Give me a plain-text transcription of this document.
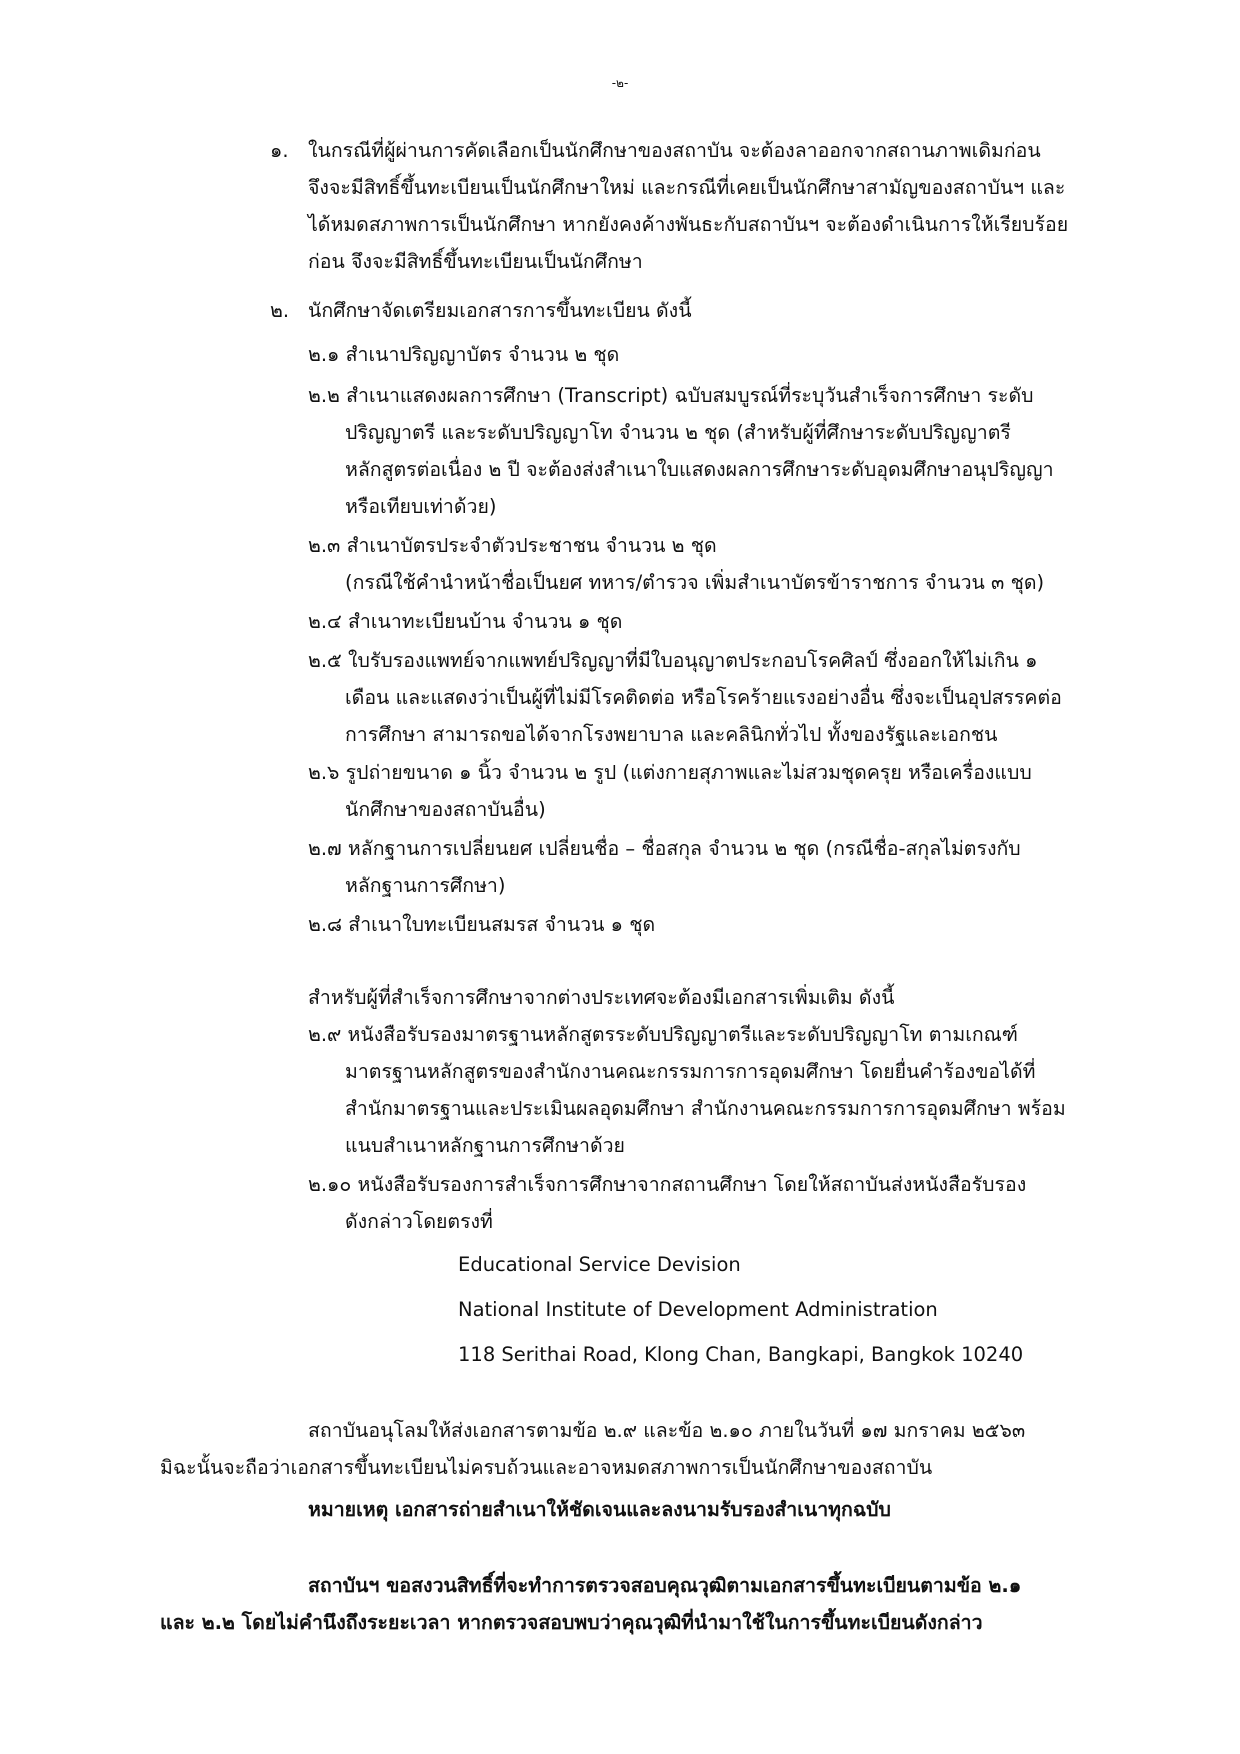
-๒-
๑. ในกรณีที่ผู้ผ่านการคัดเลือกเป็นนักศึกษาของสถาบัน จะต้องลาออกจากสถานภาพเดิมก่อน
จึงจะมีสิทธิ์ขึ้นทะเบียนเป็นนักศึกษาใหม่ และกรณีที่เคยเป็นนักศึกษาสามัญของสถาบันฯ และ
ได้หมดสภาพการเป็นนักศึกษา หากยังคงค้างพันธะกับสถาบันฯ จะต้องดำเนินการให้เรียบร้อย
ก่อน จึงจะมีสิทธิ์ขึ้นทะเบียนเป็นนักศึกษา
๒. นักศึกษาจัดเตรียมเอกสารการขึ้นทะเบียน ดังนี้
๒.๑ สำเนาปริญญาบัตร จำนวน ๒ ชุด
๒.๒ สำเนาแสดงผลการศึกษา (Transcript) ฉบับสมบูรณ์ที่ระบุวันสำเร็จการศึกษา ระดับ
ปริญญาตรี และระดับปริญญาโท จำนวน ๒ ชุด (สำหรับผู้ที่ศึกษาระดับปริญญาตรี
หลักสูตรต่อเนื่อง ๒ ปี จะต้องส่งสำเนาใบแสดงผลการศึกษาระดับอุดมศึกษาอนุปริญญา
หรือเทียบเท่าด้วย)
๒.๓ สำเนาบัตรประจำตัวประชาชน จำนวน ๒ ชุด
(กรณีใช้คำนำหน้าชื่อเป็นยศ ทหาร/ตำรวจ เพิ่มสำเนาบัตรข้าราชการ จำนวน ๓ ชุด)
๒.๔ สำเนาทะเบียนบ้าน จำนวน ๑ ชุด
๒.๕ ใบรับรองแพทย์จากแพทย์ปริญญาที่มีใบอนุญาตประกอบโรคศิลป์ ซึ่งออกให้ไม่เกิน ๑
เดือน และแสดงว่าเป็นผู้ที่ไม่มีโรคติดต่อ หรือโรคร้ายแรงอย่างอื่น ซึ่งจะเป็นอุปสรรคต่อ
การศึกษา สามารถขอได้จากโรงพยาบาล และคลินิกทั่วไป ทั้งของรัฐและเอกชน
๒.๖ รูปถ่ายขนาด ๑ นิ้ว จำนวน ๒ รูป (แต่งกายสุภาพและไม่สวมชุดครุย หรือเครื่องแบบ
นักศึกษาของสถาบันอื่น)
๒.๗ หลักฐานการเปลี่ยนยศ เปลี่ยนชื่อ – ชื่อสกุล จำนวน ๒ ชุด (กรณีชื่อ-สกุลไม่ตรงกับ
หลักฐานการศึกษา)
๒.๘ สำเนาใบทะเบียนสมรส จำนวน ๑ ชุด
สำหรับผู้ที่สำเร็จการศึกษาจากต่างประเทศจะต้องมีเอกสารเพิ่มเติม ดังนี้
๒.๙ หนังสือรับรองมาตรฐานหลักสูตรระดับปริญญาตรีและระดับปริญญาโท ตามเกณฑ์
มาตรฐานหลักสูตรของสำนักงานคณะกรรมการการอุดมศึกษา โดยยื่นคำร้องขอได้ที่
สำนักมาตรฐานและประเมินผลอุดมศึกษา สำนักงานคณะกรรมการการอุดมศึกษา พร้อม
แนบสำเนาหลักฐานการศึกษาด้วย
๒.๑๐ หนังสือรับรองการสำเร็จการศึกษาจากสถานศึกษา โดยให้สถาบันส่งหนังสือรับรอง
ดังกล่าวโดยตรงที่
Educational Service Devision
National Institute of Development Administration
118 Serithai Road, Klong Chan, Bangkapi, Bangkok 10240
สถาบันอนุโลมให้ส่งเอกสารตามข้อ ๒.๙ และข้อ ๒.๑๐ ภายในวันที่ ๑๗ มกราคม ๒๕๖๓
มิฉะนั้นจะถือว่าเอกสารขึ้นทะเบียนไม่ครบถ้วนและอาจหมดสภาพการเป็นนักศึกษาของสถาบัน
หมายเหตุ เอกสารถ่ายสำเนาให้ชัดเจนและลงนามรับรองสำเนาทุกฉบับ
สถาบันฯ ขอสงวนสิทธิ์ที่จะทำการตรวจสอบคุณวุฒิตามเอกสารขึ้นทะเบียนตามข้อ ๒.๑
และ ๒.๒ โดยไม่คำนึงถึงระยะเวลา หากตรวจสอบพบว่าคุณวุฒิที่นำมาใช้ในการขึ้นทะเบียนดังกล่าว
